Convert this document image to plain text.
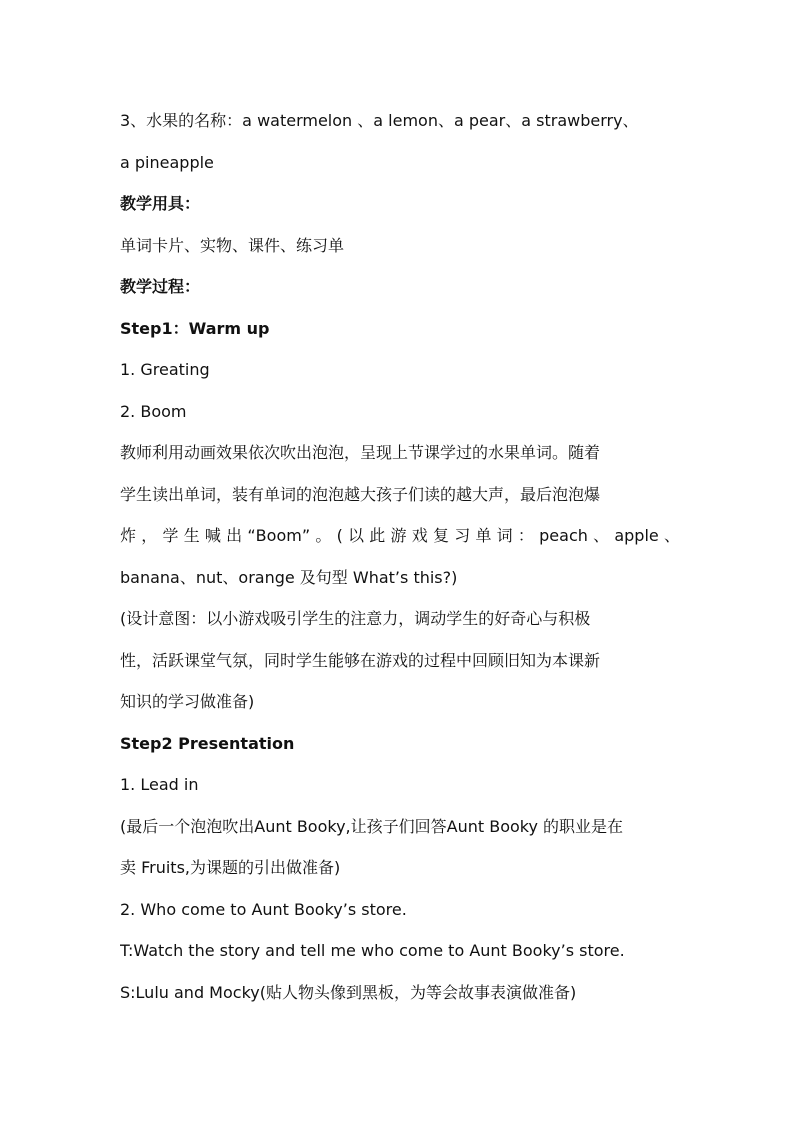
3、水果的名称：a watermelon 、a lemon、a pear、a strawberry、
a pineapple
教学用具：
单词卡片、实物、课件、练习单
教学过程：
Step1：Warm up
1. Greating
2. Boom
教师利用动画效果依次吹出泡泡，呈现上节课学过的水果单词。随着
学生读出单词，装有单词的泡泡越大孩子们读的越大声，最后泡泡爆
炸，学生喊出“Boom”。(以此游戏复习单词：peach、apple、
banana、nut、orange 及句型 What’s this?)
(设计意图：以小游戏吸引学生的注意力，调动学生的好奇心与积极
性，活跃课堂气氛，同时学生能够在游戏的过程中回顾旧知为本课新
知识的学习做准备)
Step2 Presentation
1. Lead in
(最后一个泡泡吹出Aunt Booky,让孩子们回答Aunt Booky 的职业是在
卖 Fruits,为课题的引出做准备)
2. Who come to Aunt Booky’s store.
T:Watch the story and tell me who come to Aunt Booky’s store.
S:Lulu and Mocky(贴人物头像到黑板，为等会故事表演做准备)
